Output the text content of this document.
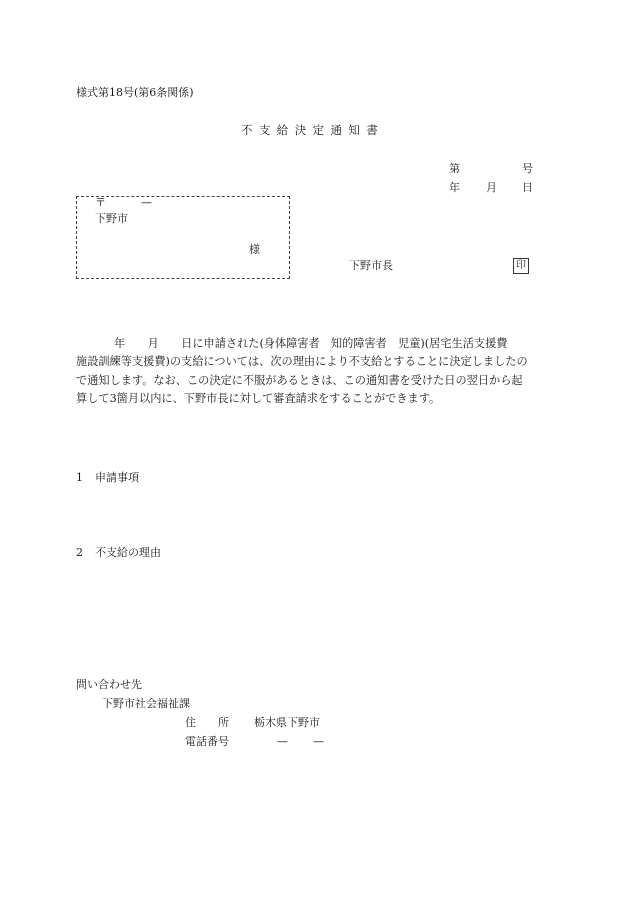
様式第18号(第6条関係)
不支給決定通知書
第	号
年 月 日
〒	—
下野市
様
下野市長	印
年　　月　　日に申請された(身体障害者　知的障害者　児童)(居宅生活支援費
施設訓練等支援費)の支給については、次の理由により不支給とすることに決定しましたの
で通知します。なお、この決定に不服があるときは、この通知書を受けた日の翌日から起
算して3箇月以内に、下野市長に対して審査請求をすることができます。
1 申請事項
2 不支給の理由
問い合わせ先
下野市社会福祉課
住　　所 栃木県下野市
電話番号	— —
